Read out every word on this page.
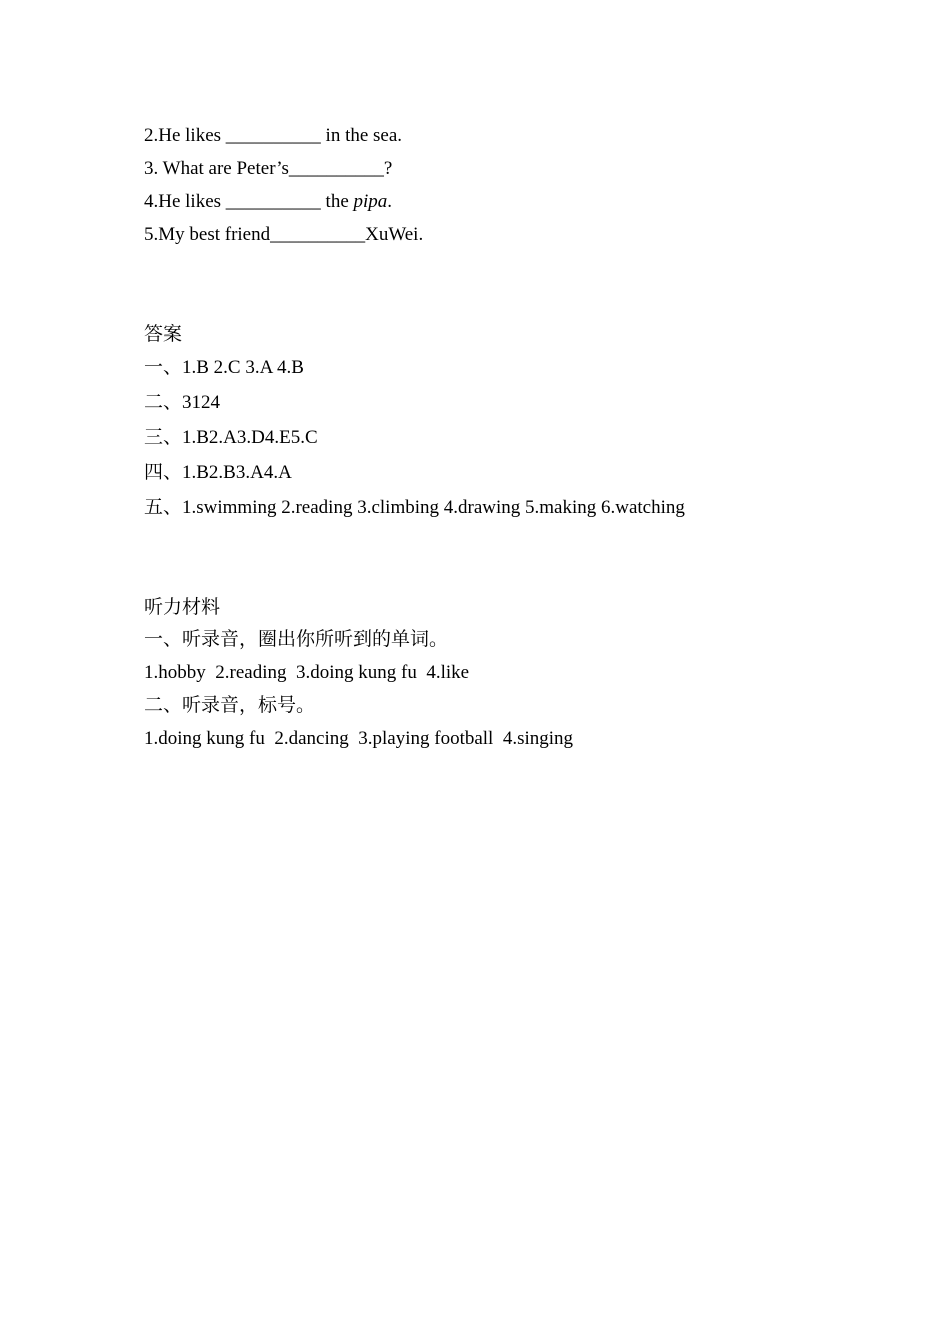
2.He likes __________ in the sea.
3. What are Peter’s__________?
4.He likes __________ the pipa.
5.My best friend__________XuWei.
答案
一、1.B 2.C 3.A 4.B
二、3124
三、1.B2.A3.D4.E5.C
四、1.B2.B3.A4.A
五、1.swimming 2.reading 3.climbing 4.drawing 5.making 6.watching
听力材料
一、听录音，圈出你所听到的单词。
1.hobby  2.reading  3.doing kung fu  4.like
二、听录音，标号。
1.doing kung fu  2.dancing  3.playing football  4.singing
